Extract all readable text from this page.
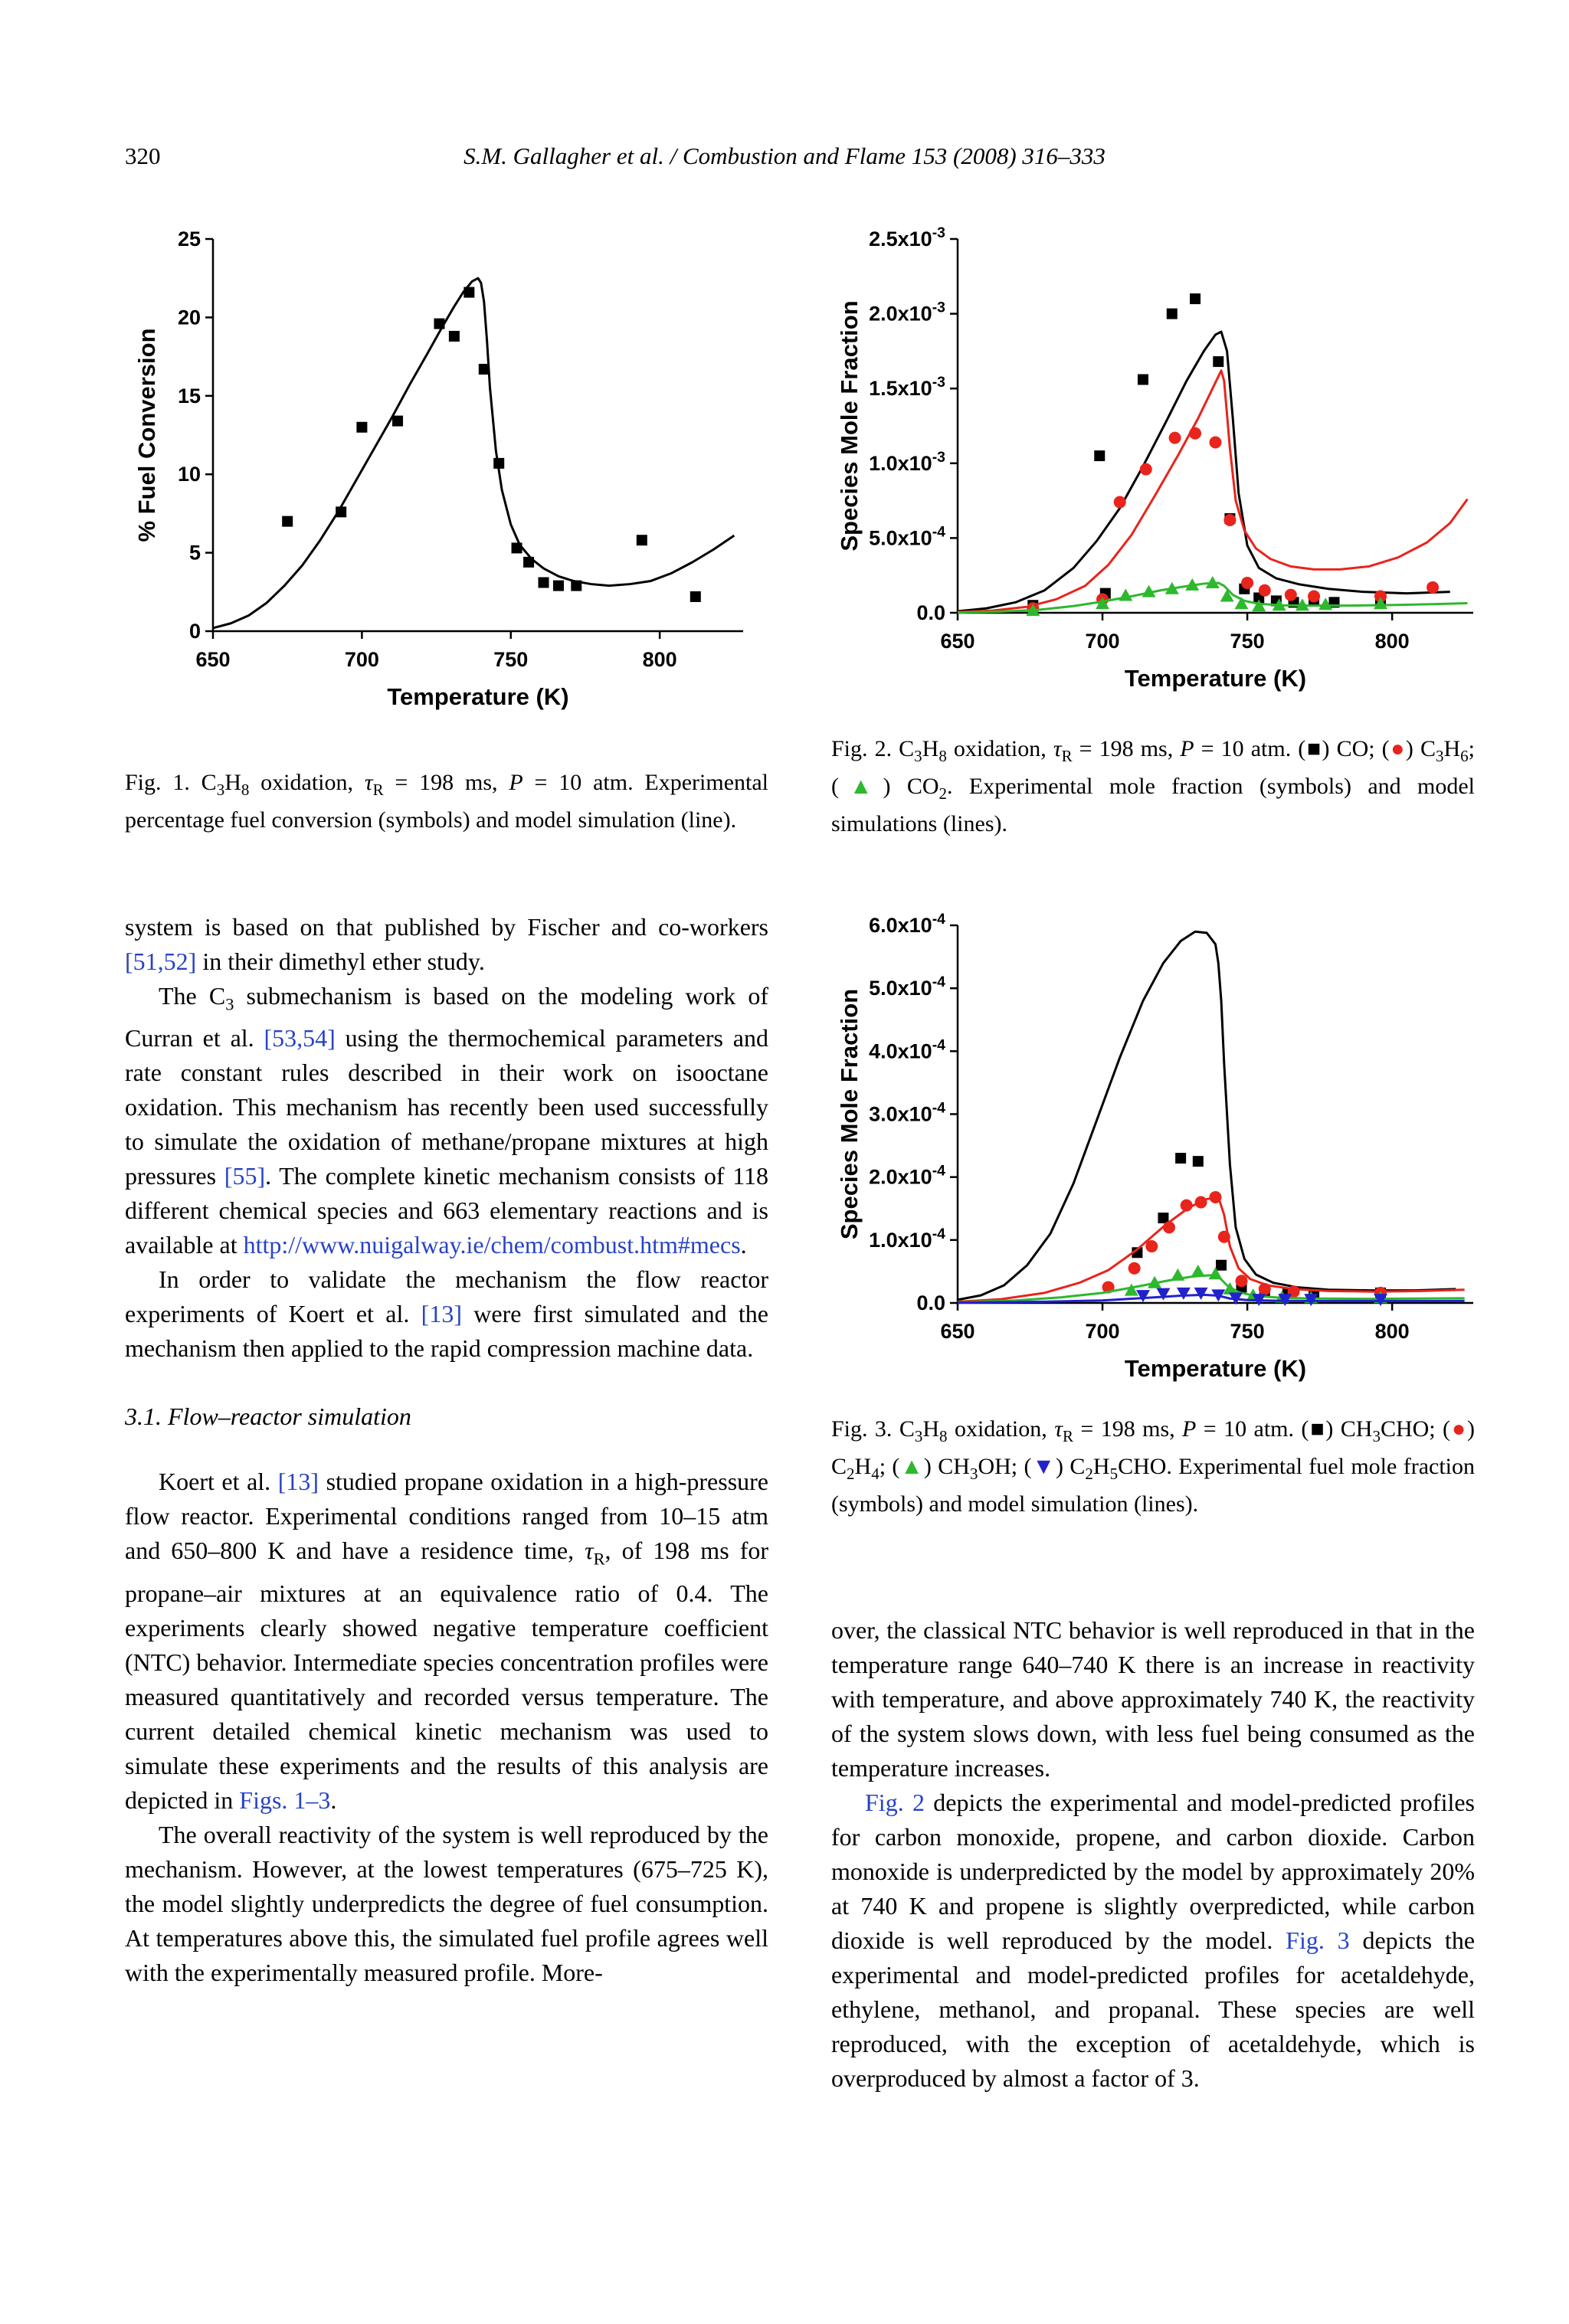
320	S.M. Gallagher et al. / Combustion and Flame 153 (2008) 316–333
650	700	750	800
0
5
10
15
20
25
Temperature (K)
% Fuel Conversion
Fig. 1. $C_3H_8$ oxidation, $\tau_R = 198$ ms, P = 10 atm. Experimental percentage fuel conversion (symbols) and model simulation (line).
650	700	750	800
0.0
$5.0x10^{-4}$
$1.0x10^{-3}$
$1.5x10^{-3}$
$2.0x10^{-3}$
$2.5x10^{-3}$
Temperature (K)
Species Mole Fraction
Fig. 2. $C_3H_8$ oxidation, $\tau_R = 198$ ms, P = 10 atm. (■) CO; (●) $C_3H_6$; (▲) $CO_2$. Experimental mole fraction (symbols) and model simulations (lines).
650	700	750	800
0.0
$1.0x10^{-4}$
$2.0x10^{-4}$
$3.0x10^{-4}$
$4.0x10^{-4}$
$5.0x10^{-4}$
$6.0x10^{-4}$
Temperature (K)
Species Mole Fraction
Fig. 3. $C_3H_8$ oxidation, $\tau_R = 198$ ms, P = 10 atm. (■) $CH_3CHO$; (●) $C_2H_4$; (▲) $CH_3OH$; (▼) $C_2H_5CHO$. Experimental fuel mole fraction (symbols) and model simulation (lines).

system is based on that published by Fischer and co-workers [51,52] in their dimethyl ether study.

The $C_3$ submechanism is based on the modeling work of Curran et al. [53,54] using the thermochemical parameters and rate constant rules described in their work on isooctane oxidation. This mechanism has recently been used successfully to simulate the oxidation of methane/propane mixtures at high pressures [55]. The complete kinetic mechanism consists of 118 different chemical species and 663 elementary reactions and is available at http://www.nuigalway.ie/chem/combust.htm#mecs.

In order to validate the mechanism the flow reactor experiments of Koert et al. [13] were first simulated and the mechanism then applied to the rapid compression machine data.

3.1. Flow–reactor simulation

Koert et al. [13] studied propane oxidation in a high-pressure flow reactor. Experimental conditions ranged from 10–15 atm and 650–800 K and have a residence time, $\tau_R$, of 198 ms for propane–air mixtures at an equivalence ratio of 0.4. The experiments clearly showed negative temperature coefficient (NTC) behavior. Intermediate species concentration profiles were measured quantitatively and recorded versus temperature. The current detailed chemical kinetic mechanism was used to simulate these experiments and the results of this analysis are depicted in Figs. 1–3.

The overall reactivity of the system is well reproduced by the mechanism. However, at the lowest temperatures (675–725 K), the model slightly underpredicts the degree of fuel consumption. At temperatures above this, the simulated fuel profile agrees well with the experimentally measured profile. More-

over, the classical NTC behavior is well reproduced in that in the temperature range 640–740 K there is an increase in reactivity with temperature, and above approximately 740 K, the reactivity of the system slows down, with less fuel being consumed as the temperature increases.

Fig. 2 depicts the experimental and model-predicted profiles for carbon monoxide, propene, and carbon dioxide. Carbon monoxide is underpredicted by the model by approximately 20% at 740 K and propene is slightly overpredicted, while carbon dioxide is well reproduced by the model. Fig. 3 depicts the experimental and model-predicted profiles for acetaldehyde, ethylene, methanol, and propanal. These species are well reproduced, with the exception of acetaldehyde, which is overproduced by almost a factor of 3.
